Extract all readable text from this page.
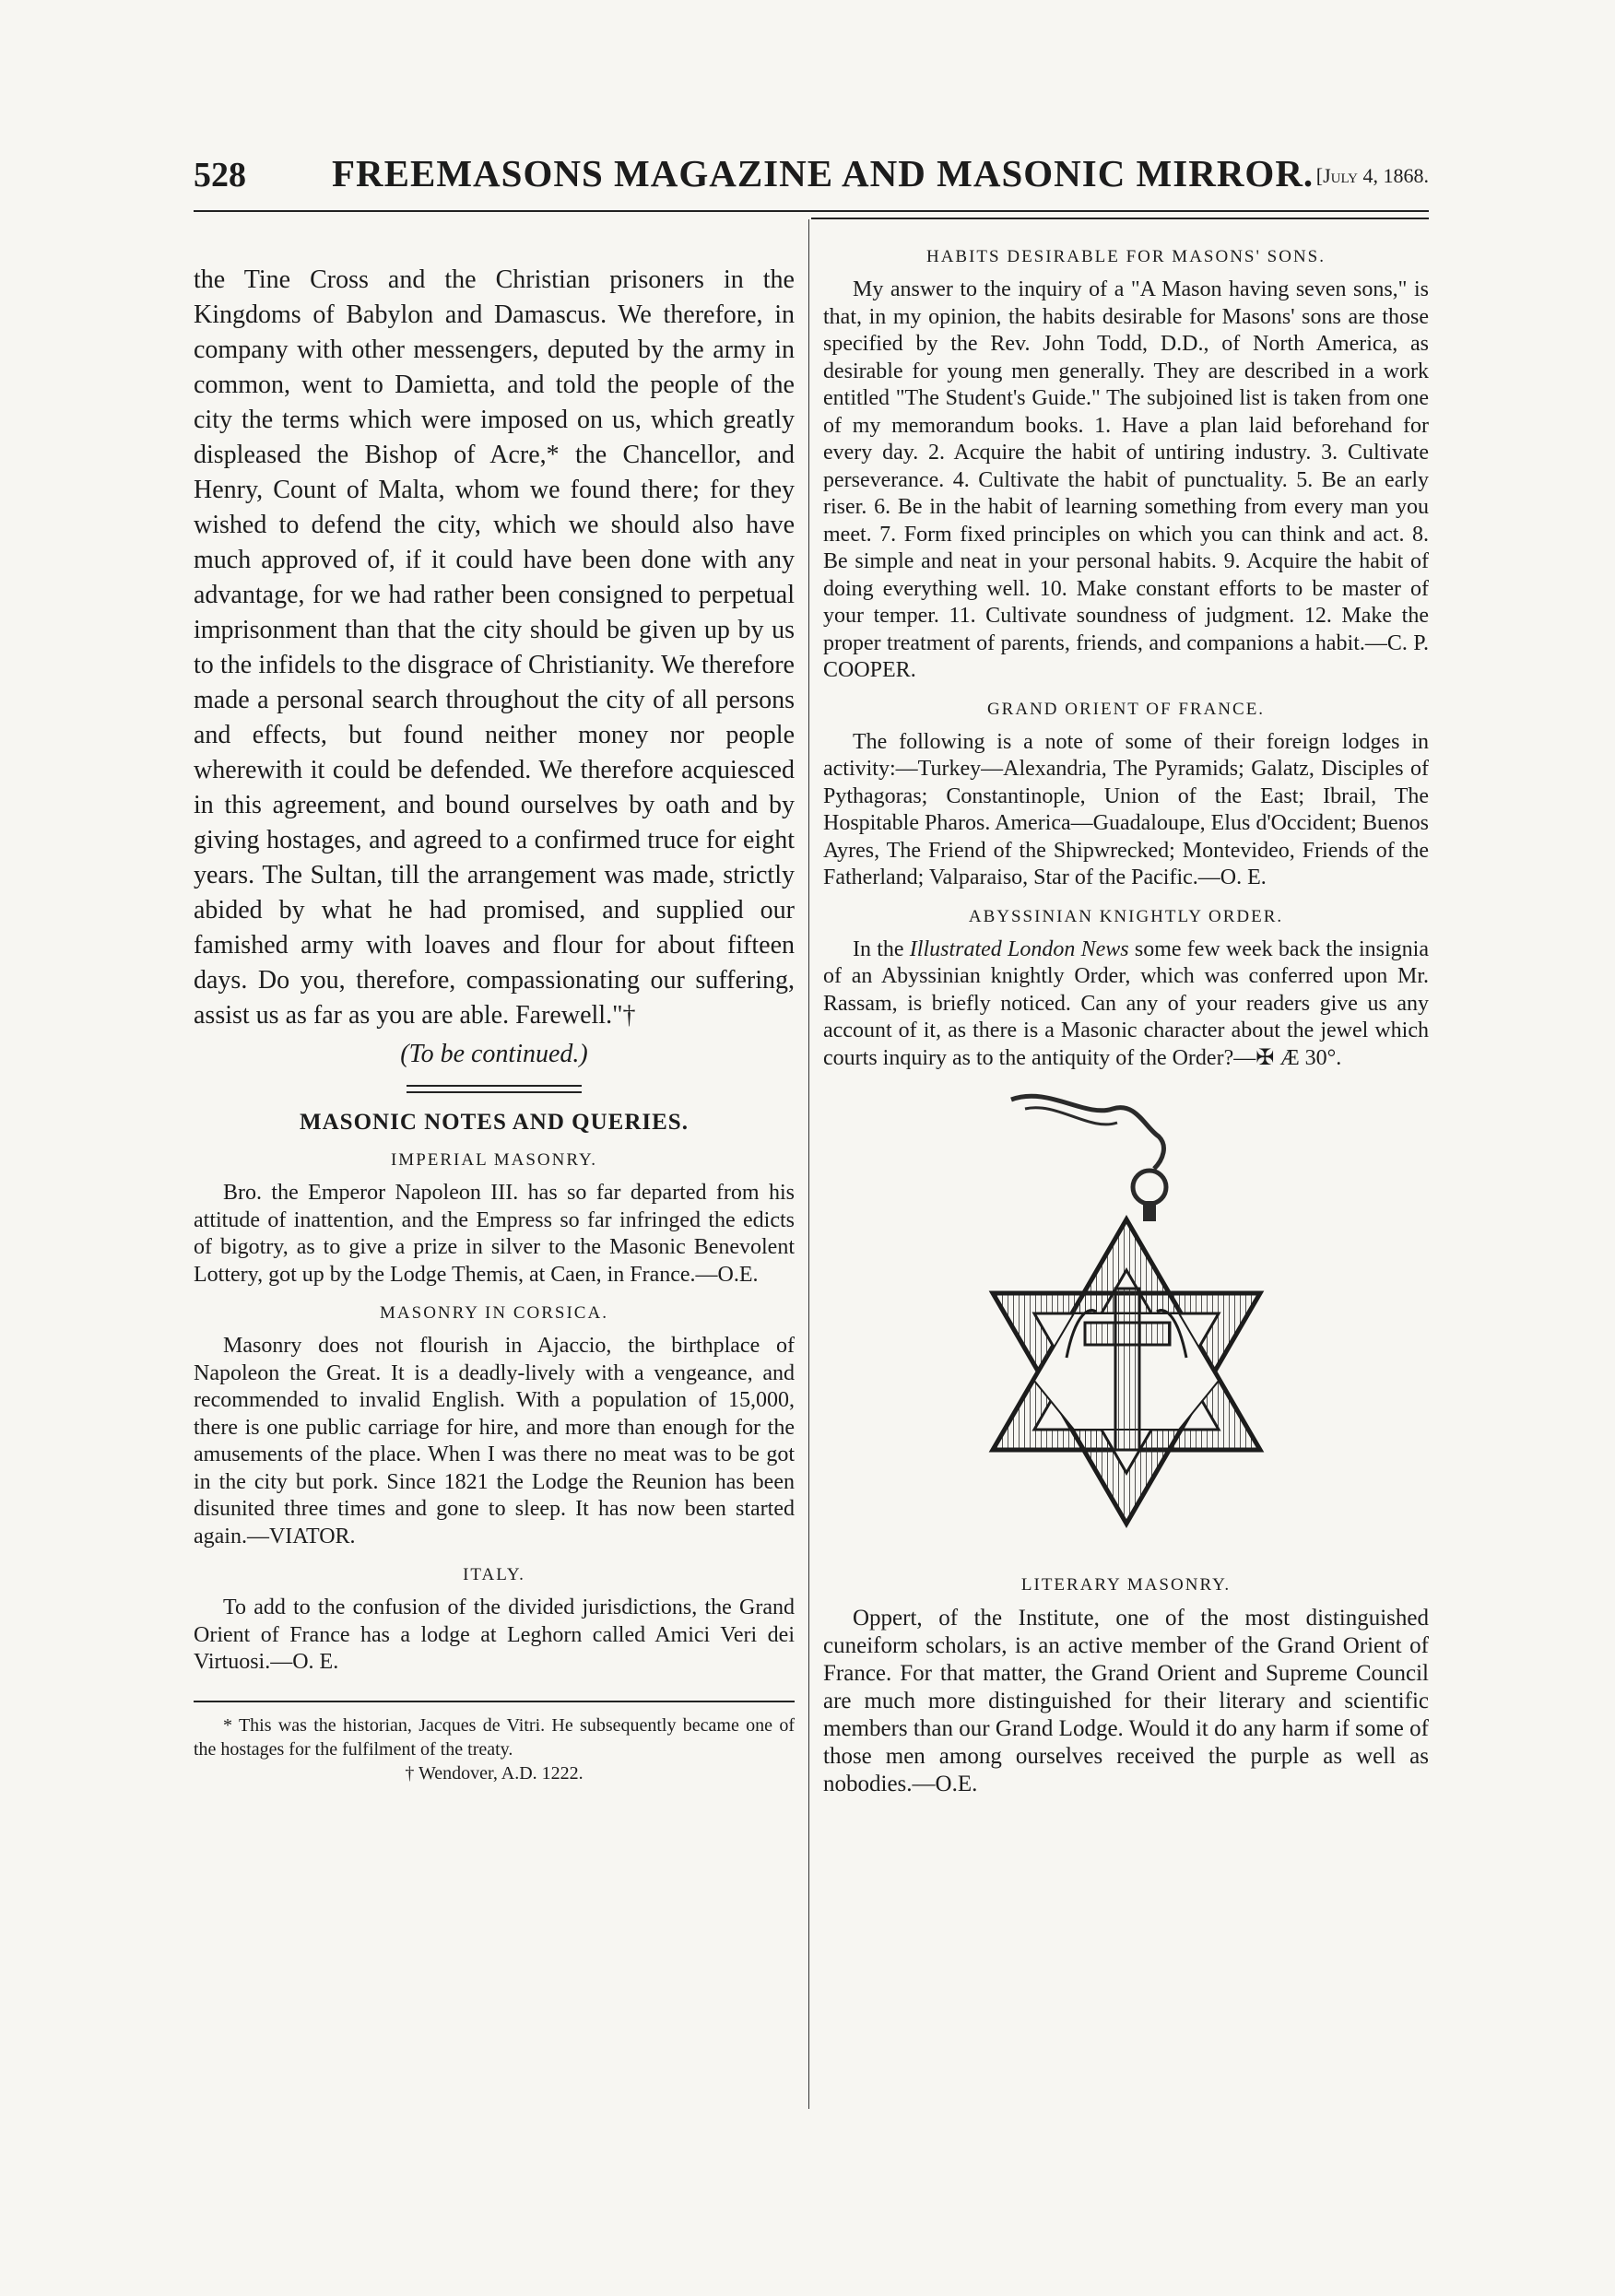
528 FREEMASONS MAGAZINE AND MASONIC MIRROR. [July 4, 1868.

the Tine Cross and the Christian prisoners in the Kingdoms of Babylon and Damascus. We therefore, in company with other messengers, deputed by the army in common, went to Damietta, and told the people of the city the terms which were imposed on us, which greatly displeased the Bishop of Acre,* the Chancellor, and Henry, Count of Malta, whom we found there; for they wished to defend the city, which we should also have much approved of, if it could have been done with any advantage, for we had rather been consigned to perpetual imprisonment than that the city should be given up by us to the infidels to the disgrace of Christianity. We therefore made a personal search throughout the city of all persons and effects, but found neither money nor people wherewith it could be defended. We therefore acquiesced in this agreement, and bound ourselves by oath and by giving hostages, and agreed to a confirmed truce for eight years. The Sultan, till the arrangement was made, strictly abided by what he had promised, and supplied our famished army with loaves and flour for about fifteen days. Do you, therefore, compassionating our suffering, assist us as far as you are able. Farewell."†

(To be continued.)

MASONIC NOTES AND QUERIES.
IMPERIAL MASONRY.

Bro. the Emperor Napoleon III. has so far departed from his attitude of inattention, and the Empress so far infringed the edicts of bigotry, as to give a prize in silver to the Masonic Benevolent Lottery, got up by the Lodge Themis, at Caen, in France.—O.E.

MASONRY IN CORSICA.

Masonry does not flourish in Ajaccio, the birthplace of Napoleon the Great. It is a deadly-lively with a vengeance, and recommended to invalid English. With a population of 15,000, there is one public carriage for hire, and more than enough for the amusements of the place. When I was there no meat was to be got in the city but pork. Since 1821 the Lodge the Reunion has been disunited three times and gone to sleep. It has now been started again.—VIATOR.

ITALY.

To add to the confusion of the divided jurisdictions, the Grand Orient of France has a lodge at Leghorn called Amici Veri dei Virtuosi.—O. E.

* This was the historian, Jacques de Vitri. He subsequently became one of the hostages for the fulfilment of the treaty.

† Wendover, A.D. 1222.

HABITS DESIRABLE FOR MASONS' SONS.

My answer to the inquiry of a "A Mason having seven sons," is that, in my opinion, the habits desirable for Masons' sons are those specified by the Rev. John Todd, D.D., of North America, as desirable for young men generally. They are described in a work entitled "The Student's Guide." The subjoined list is taken from one of my memorandum books. 1. Have a plan laid beforehand for every day. 2. Acquire the habit of untiring industry. 3. Cultivate perseverance. 4. Cultivate the habit of punctuality. 5. Be an early riser. 6. Be in the habit of learning something from every man you meet. 7. Form fixed principles on which you can think and act. 8. Be simple and neat in your personal habits. 9. Acquire the habit of doing everything well. 10. Make constant efforts to be master of your temper. 11. Cultivate soundness of judgment. 12. Make the proper treatment of parents, friends, and companions a habit.—C. P. COOPER.

GRAND ORIENT OF FRANCE.

The following is a note of some of their foreign lodges in activity:—Turkey—Alexandria, The Pyramids; Galatz, Disciples of Pythagoras; Constantinople, Union of the East; Ibrail, The Hospitable Pharos. America—Guadaloupe, Elus d'Occident; Buenos Ayres, The Friend of the Shipwrecked; Montevideo, Friends of the Fatherland; Valparaiso, Star of the Pacific.—O. E.

ABYSSINIAN KNIGHTLY ORDER.

In the Illustrated London News some few week back the insignia of an Abyssinian knightly Order, which was conferred upon Mr. Rassam, is briefly noticed. Can any of your readers give us any account of it, as there is a Masonic character about the jewel which courts inquiry as to the antiquity of the Order?—✠ Æ 30°.

LITERARY MASONRY.

Oppert, of the Institute, one of the most distinguished cuneiform scholars, is an active member of the Grand Orient of France. For that matter, the Grand Orient and Supreme Council are much more distinguished for their literary and scientific members than our Grand Lodge. Would it do any harm if some of those men among ourselves received the purple as well as nobodies.—O.E.
